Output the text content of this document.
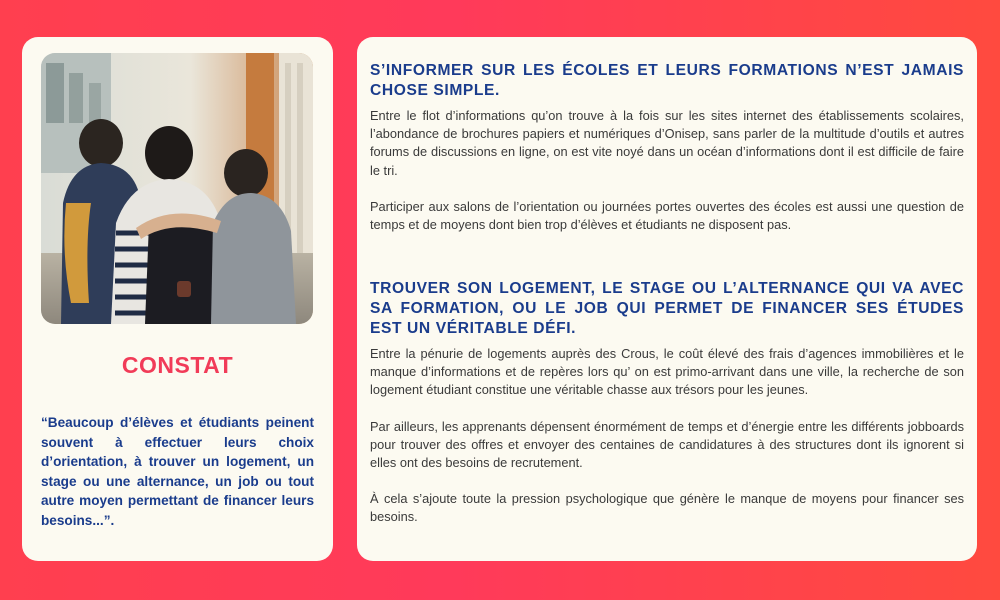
CONSTAT
“Beaucoup d’élèves et étudiants peinent souvent à effectuer leurs choix d’orientation, à trouver un logement, un stage ou une alternance, un job ou tout autre moyen permettant de financer leurs besoins...”.
S’INFORMER SUR LES ÉCOLES ET LEURS FORMATIONS N’EST JAMAIS CHOSE SIMPLE.

Entre le flot d’informations qu’on trouve à la fois sur les sites internet des établissements scolaires, l’abondance de brochures papiers et numériques d’Onisep, sans parler de la multitude d’outils et autres forums de discussions en ligne, on est vite noyé dans un océan d’informations dont il est difficile de faire le tri.

Participer aux salons de l’orientation ou journées portes ouvertes des écoles est aussi une question de temps et de moyens dont bien trop d’élèves et étudiants ne disposent pas.

TROUVER SON LOGEMENT, LE STAGE OU L’ALTERNANCE QUI VA AVEC SA FORMATION, OU LE JOB QUI PERMET DE FINANCER SES ÉTUDES EST UN VÉRITABLE DÉFI.

Entre la pénurie de logements auprès des Crous, le coût élevé des frais d’agences immobilières et le manque d’informations et de repères lors qu’ on est primo-arrivant dans une ville, la recherche de son logement étudiant constitue une véritable chasse aux trésors pour les jeunes.

Par ailleurs, les apprenants dépensent énormément de temps et d’énergie entre les différents jobboards pour trouver des offres et envoyer des centaines de candidatures à des structures dont ils ignorent si elles ont des besoins de recrutement.

À cela s’ajoute toute la pression psychologique que génère le manque de moyens pour financer ses besoins.
